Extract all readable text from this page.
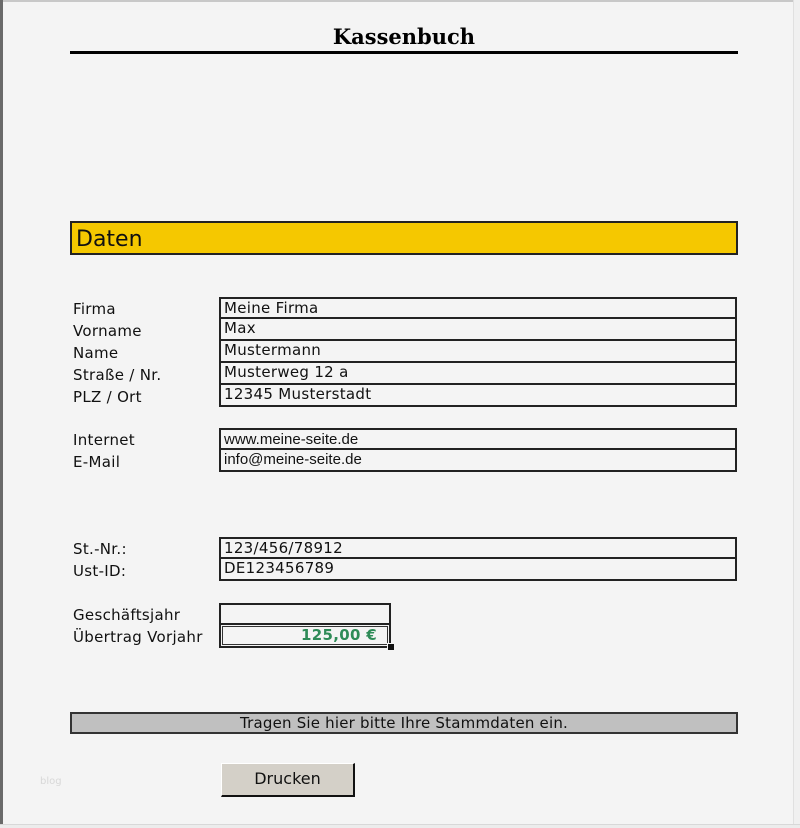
Kassenbuch
Daten
Firma	Meine Firma
Vorname	Max
Name	Mustermann
Straße / Nr.	Musterweg 12 a
PLZ / Ort	12345 Musterstadt
Internet	www.meine-seite.de
E-Mail	info@meine-seite.de
St.-Nr.:	123/456/78912
Ust-ID:	DE123456789
Geschäftsjahr
Übertrag Vorjahr	125,00 €
Tragen Sie hier bitte Ihre Stammdaten ein.
Drucken
blog
